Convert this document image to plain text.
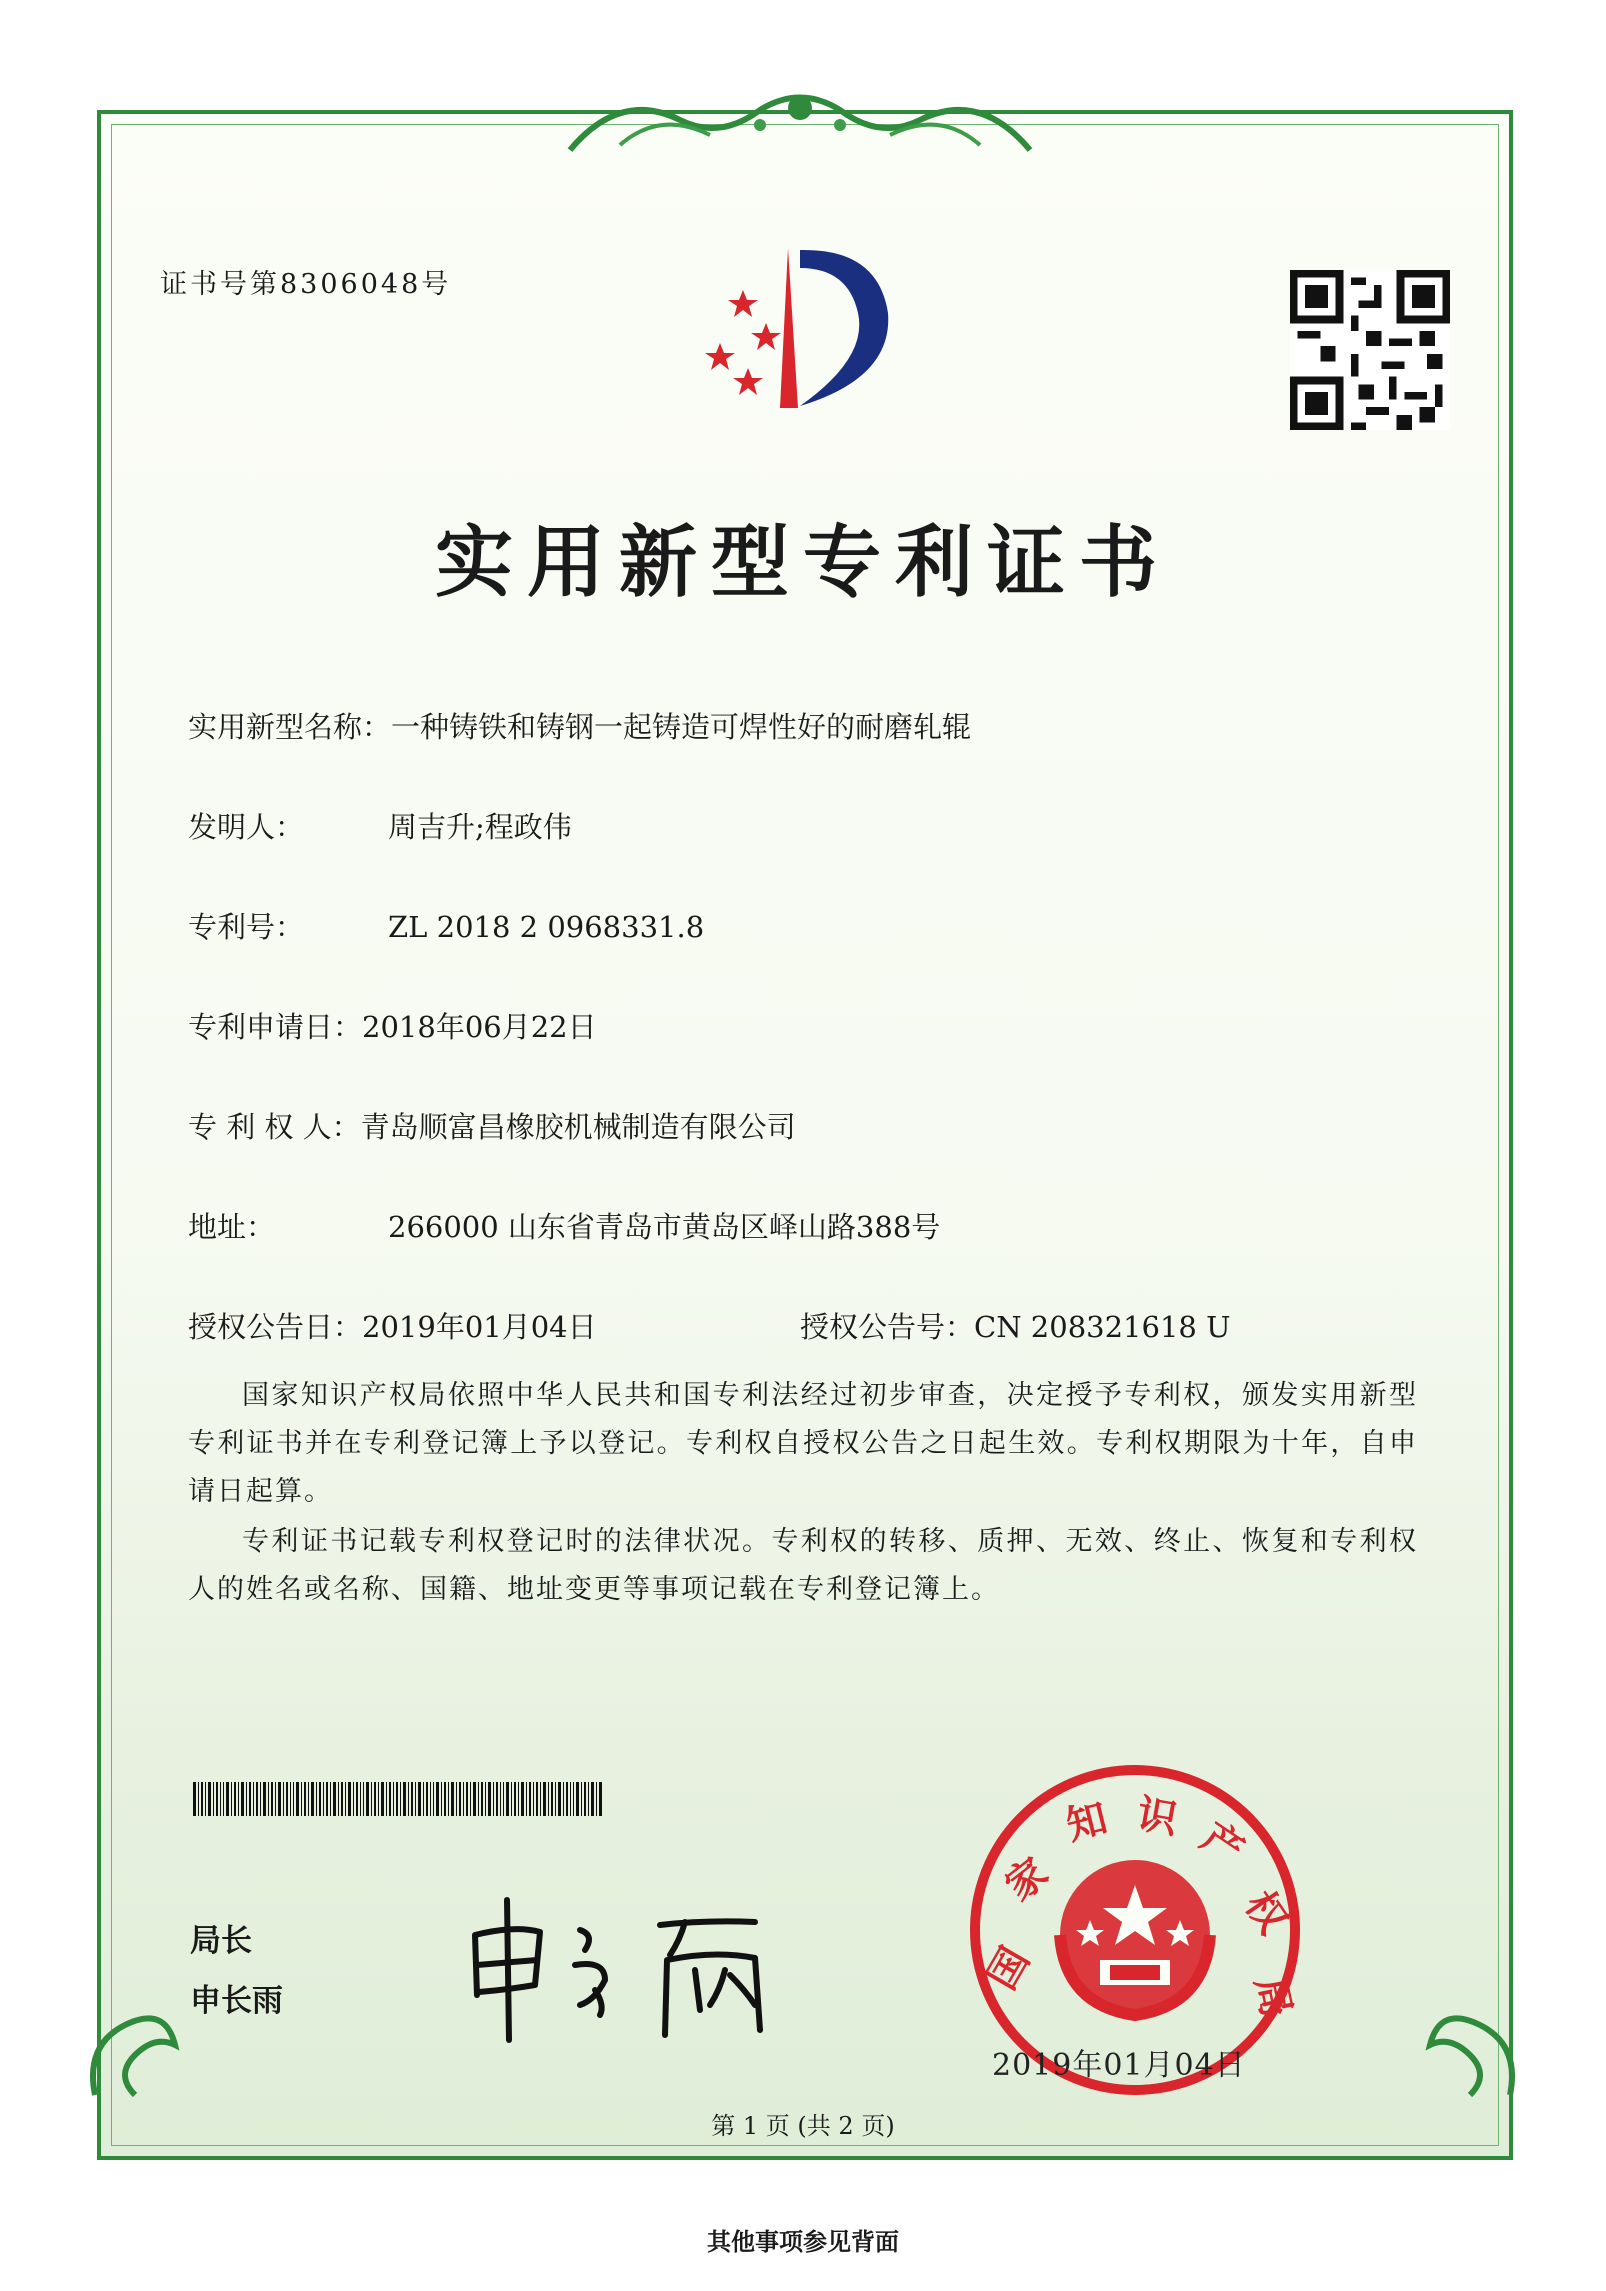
证书号第8306048号
实用新型专利证书
实用新型名称：一种铸铁和铸钢一起铸造可焊性好的耐磨轧辊
发明人：	周吉升;程政伟
专利号：	ZL 2018 2 0968331.8
专利申请日：2018年06月22日
专 利 权 人：青岛顺富昌橡胶机械制造有限公司
地址：	266000 山东省青岛市黄岛区峄山路388号
授权公告日：2019年01月04日	授权公告号：CN 208321618 U
国家知识产权局依照中华人民共和国专利法经过初步审查，决定授予专利权，颁发实用新型专利证书并在专利登记簿上予以登记。专利权自授权公告之日起生效。专利权期限为十年，自申请日起算。
专利证书记载专利权登记时的法律状况。专利权的转移、质押、无效、终止、恢复和专利权人的姓名或名称、国籍、地址变更等事项记载在专利登记簿上。
局长
申长雨
国
家
知 识 产
权
局
2019年01月04日
第 1 页 (共 2 页)
其他事项参见背面
